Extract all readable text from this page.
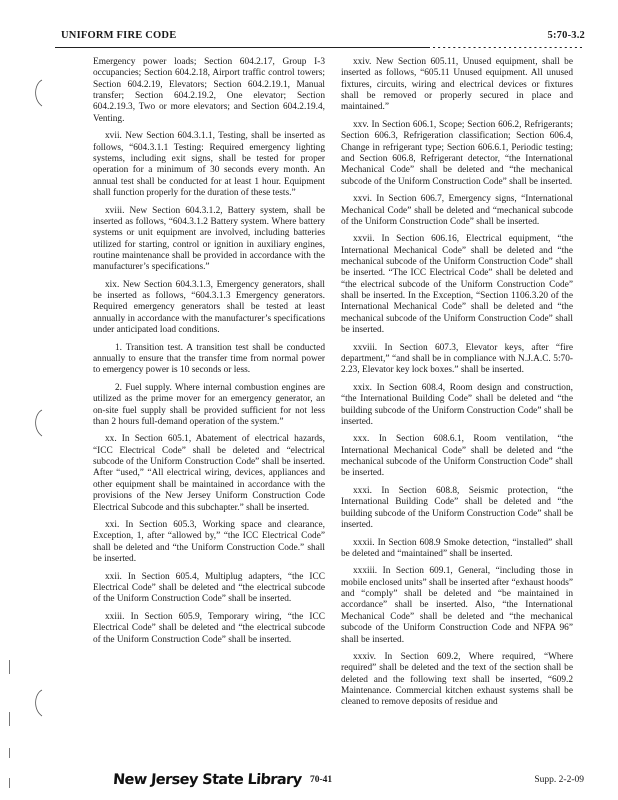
UNIFORM FIRE CODE	5:70-3.2

Emergency power loads; Section 604.2.17, Group I-3 occupancies; Section 604.2.18, Airport traffic control towers; Section 604.2.19, Elevators; Section 604.2.19.1, Manual transfer; Section 604.2.19.2, One elevator; Section 604.2.19.3, Two or more elevators; and Section 604.2.19.4, Venting.

xvii. New Section 604.3.1.1, Testing, shall be inserted as follows, “604.3.1.1 Testing: Required emergency lighting systems, including exit signs, shall be tested for proper operation for a minimum of 30 seconds every month. An annual test shall be conducted for at least 1 hour. Equipment shall function properly for the duration of these tests.”

xviii. New Section 604.3.1.2, Battery system, shall be inserted as follows, “604.3.1.2 Battery system. Where battery systems or unit equipment are involved, including batteries utilized for starting, control or ignition in auxiliary engines, routine maintenance shall be provided in accordance with the manufacturer’s specifications.”

xix. New Section 604.3.1.3, Emergency generators, shall be inserted as follows, “604.3.1.3 Emergency generators. Required emergency generators shall be tested at least annually in accordance with the manufacturer’s specifications under anticipated load conditions.

1. Transition test. A transition test shall be conducted annually to ensure that the transfer time from normal power to emergency power is 10 seconds or less.

2. Fuel supply. Where internal combustion engines are utilized as the prime mover for an emergency generator, an on-site fuel supply shall be provided sufficient for not less than 2 hours full-demand operation of the system.”

xx. In Section 605.1, Abatement of electrical hazards, “ICC Electrical Code” shall be deleted and “electrical subcode of the Uniform Construction Code” shall be inserted. After “used,” “All electrical wiring, devices, appliances and other equipment shall be maintained in accordance with the provisions of the New Jersey Uniform Construction Code Electrical Subcode and this subchapter.” shall be inserted.

xxi. In Section 605.3, Working space and clearance, Exception, 1, after “allowed by,” “the ICC Electrical Code” shall be deleted and “the Uniform Construction Code.” shall be inserted.

xxii. In Section 605.4, Multiplug adapters, “the ICC Electrical Code” shall be deleted and “the electrical subcode of the Uniform Construction Code” shall be inserted.

xxiii. In Section 605.9, Temporary wiring, “the ICC Electrical Code” shall be deleted and “the electrical subcode of the Uniform Construction Code” shall be inserted.

xxiv. New Section 605.11, Unused equipment, shall be inserted as follows, “605.11 Unused equipment. All unused fixtures, circuits, wiring and electrical devices or fixtures shall be removed or properly secured in place and maintained.”

xxv. In Section 606.1, Scope; Section 606.2, Refrigerants; Section 606.3, Refrigeration classification; Section 606.4, Change in refrigerant type; Section 606.6.1, Periodic testing; and Section 606.8, Refrigerant detector, “the International Mechanical Code” shall be deleted and “the mechanical subcode of the Uniform Construction Code” shall be inserted.

xxvi. In Section 606.7, Emergency signs, “International Mechanical Code” shall be deleted and “mechanical subcode of the Uniform Construction Code” shall be inserted.

xxvii. In Section 606.16, Electrical equipment, “the International Mechanical Code” shall be deleted and “the mechanical subcode of the Uniform Construction Code” shall be inserted. “The ICC Electrical Code” shall be deleted and “the electrical subcode of the Uniform Construction Code” shall be inserted. In the Exception, “Section 1106.3.20 of the International Mechanical Code” shall be deleted and “the mechanical subcode of the Uniform Construction Code” shall be inserted.

xxviii. In Section 607.3, Elevator keys, after “fire department,” “and shall be in compliance with N.J.A.C. 5:70-2.23, Elevator key lock boxes.” shall be inserted.

xxix. In Section 608.4, Room design and construction, “the International Building Code” shall be deleted and “the building subcode of the Uniform Construction Code” shall be inserted.

xxx. In Section 608.6.1, Room ventilation, “the International Mechanical Code” shall be deleted and “the mechanical subcode of the Uniform Construction Code” shall be inserted.

xxxi. In Section 608.8, Seismic protection, “the International Building Code” shall be deleted and “the building subcode of the Uniform Construction Code” shall be inserted.

xxxii. In Section 608.9 Smoke detection, “installed” shall be deleted and “maintained” shall be inserted.

xxxiii. In Section 609.1, General, “including those in mobile enclosed units” shall be inserted after “exhaust hoods” and “comply” shall be deleted and “be maintained in accordance” shall be inserted. Also, “the International Mechanical Code” shall be deleted and “the mechanical subcode of the Uniform Construction Code and NFPA 96” shall be inserted.

xxxiv. In Section 609.2, Where required, “Where required” shall be deleted and the text of the section shall be deleted and the following text shall be inserted, “609.2 Maintenance. Commercial kitchen exhaust systems shall be cleaned to remove deposits of residue and

New Jersey State Library 70-41	Supp. 2-2-09
